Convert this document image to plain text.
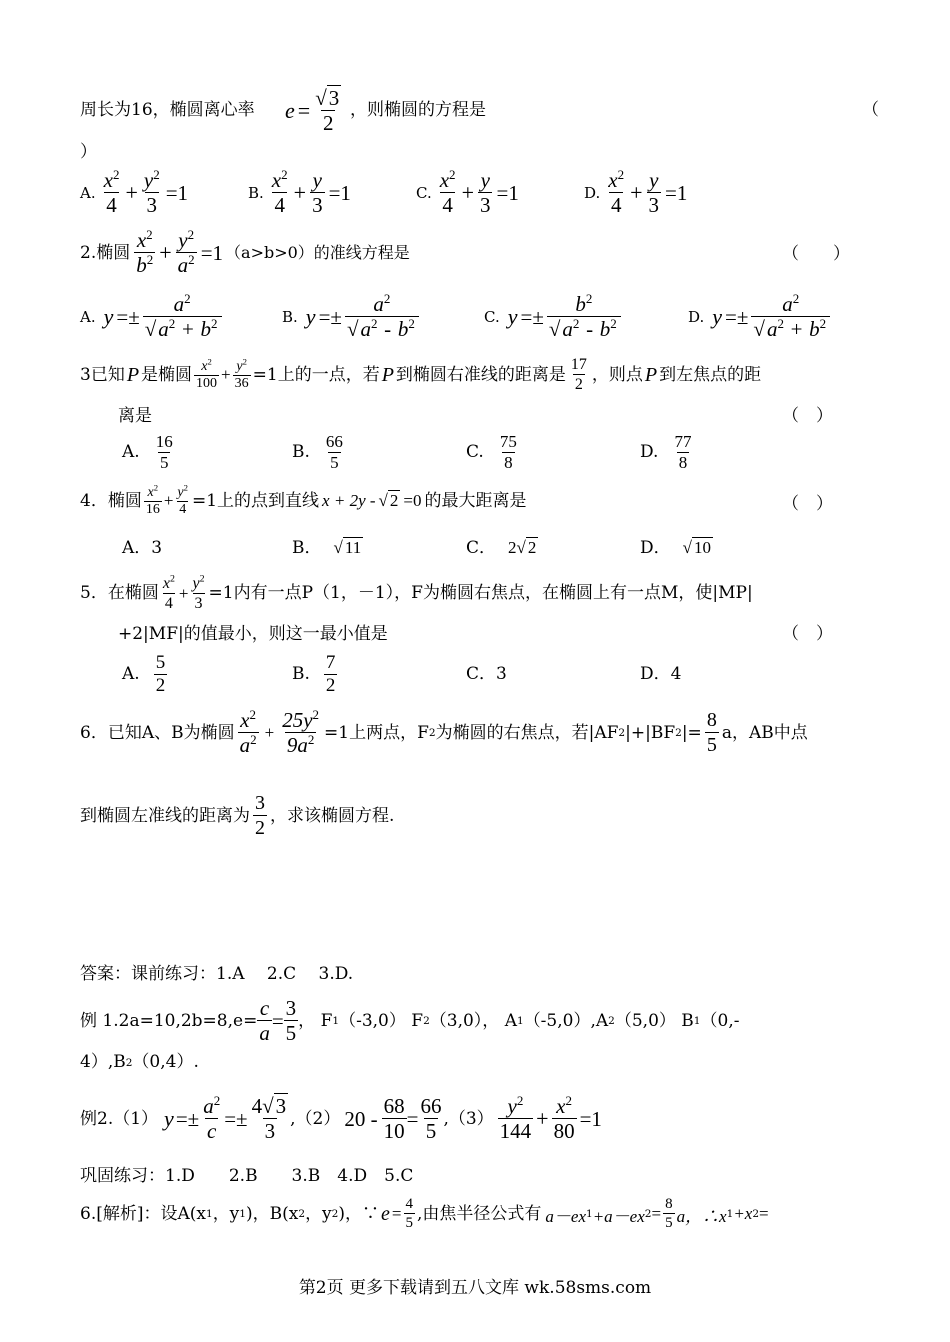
周长为16，椭圆离心率 $e = \frac{√3}{2}$ ，则椭圆的方程是	（
）
A. $\frac{x^2}{4} + \frac{y^2}{3} =1$	B. $\frac{x^2}{4} + \frac{y}{3} =1$	C. $\frac{x^2}{4} + \frac{y}{3} =1$	D. $\frac{x^2}{4} + \frac{y}{3} =1$
2.椭圆 $\frac{x^2}{b^2} + \frac{y^2}{a^2} =1$ （a>b>0）的准线方程是	（　　）
A. $y =\pm \frac{a^2}{√a^2 + b^2}$	B. $y =\pm \frac{a^2}{√a^2 - b^2}$	C. $y =\pm \frac{b^2}{√a^2 - b^2}$	D. $y =\pm \frac{a^2}{√a^2 + b^2}$
3已知 P 是椭圆 $\frac{x^2}{100} + \frac{y^2}{36} =1$上的一点，若 P 到椭圆右准线的距离是 $\frac{17}{2}$ ，则点 P 到左焦点的距
离是	（　）
A. $\frac{16}{5}$	B. $\frac{66}{5}$	C. $\frac{75}{8}$	D. $\frac{77}{8}$
4．椭圆 $\frac{x^2}{16} + \frac{y^2}{4} =1$上的点到直线 x + 2y - √ 2 =0 的最大距离是	（　）
A．3	B． √ 11	C． 2 √ 2	D． √ 10
5．在椭圆 $\frac{x^2}{4} + \frac{y^2}{3} =1$内有一点P（1，－1），F为椭圆右焦点，在椭圆上有一点M，使|MP|
+2|MF|的值最小，则这一最小值是	（　）
A. $\frac{5}{2}$	B. $\frac{7}{2}$	C．3	D．4
6．已知A、B为椭圆 $\frac{x^2}{a^2} + \frac{25y^2}{9a^2} =1$上两点，F 2 为椭圆的右焦点，若|AF 2 |+|BF 2 |= $\frac{8}{5}$ a，AB中点
到椭圆左准线的距离为 $\frac{3}{2}$ ，求该椭圆方程.
答案：课前练习：1.A　 2.C　 3.D.
例 $1.2a=10,2b=8,e= \frac{c}{a} = \frac{3}{5}$ ， F 1 （-3,0） F 2 （3,0）， A 1 （-5,0）,A 2 （5,0） B 1 （0,-
4）,B 2 （0,4）.
例2.（1） $y =\pm \frac{a^2}{c} =\pm \frac{4√3}{3} ,(2)$ $20 - \frac{68}{10} = \frac{66}{5} ,(3) \frac{y^2}{144} + \frac{x^2}{80} =1$
巩固练习：1.D　　2.B　　3.B　4.D　5.C
6.[解析]：设A(x 1 ，y 1 )，B(x 2 ，y 2 )，∵ $e = \frac{4}{5}$ ,由焦半径公式有 a－ex 1 +a－ex $2 = \frac{8}{5}$ a，∴x 1 +x 2 =
第2页 更多下载请到五八文库 wk.58sms.com
